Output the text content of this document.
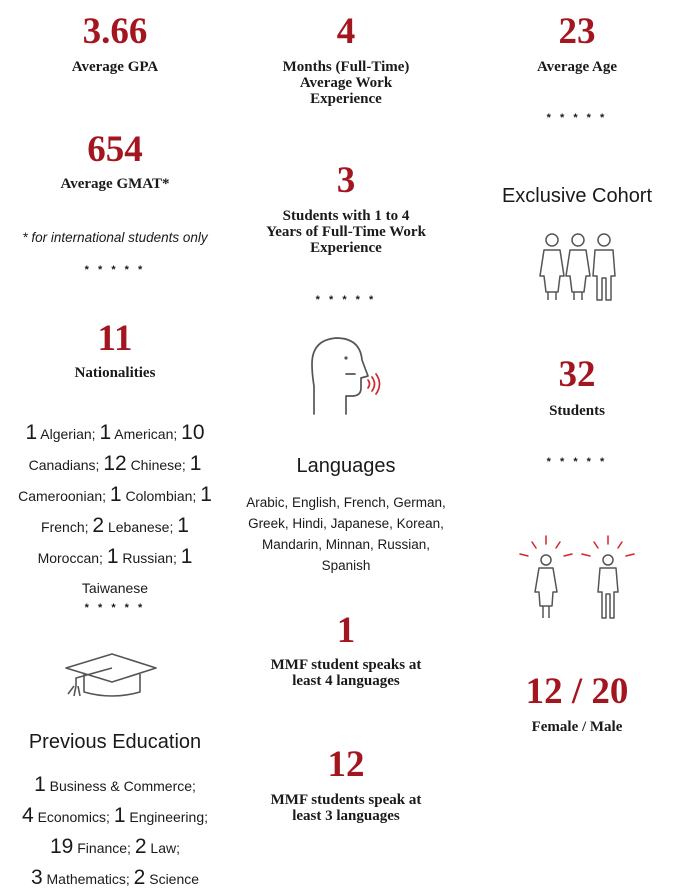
3.66
Average GPA
654
Average GMAT*
* for international students only
* * * * *
11
Nationalities
1 Algerian; 1 American; 10
Canadians; 12 Chinese; 1
Cameroonian; 1 Colombian; 1
French; 2 Lebanese; 1
Moroccan; 1 Russian; 1
Taiwanese
* * * * *
Previous Education
1 Business & Commerce;
4 Economics; 1 Engineering;
19 Finance; 2 Law;
3 Mathematics; 2 Science
4
Months (Full-Time)
Average Work
Experience
3
Students with 1 to 4
Years of Full-Time Work
Experience
* * * * *
Languages
Arabic, English, French, German,
Greek, Hindi, Japanese, Korean,
Mandarin, Minnan, Russian,
Spanish
1
MMF student speaks at
least 4 languages
12
MMF students speak at
least 3 languages
23
Average Age
* * * * *
Exclusive Cohort
32
Students
* * * * *
12 / 20
Female / Male
